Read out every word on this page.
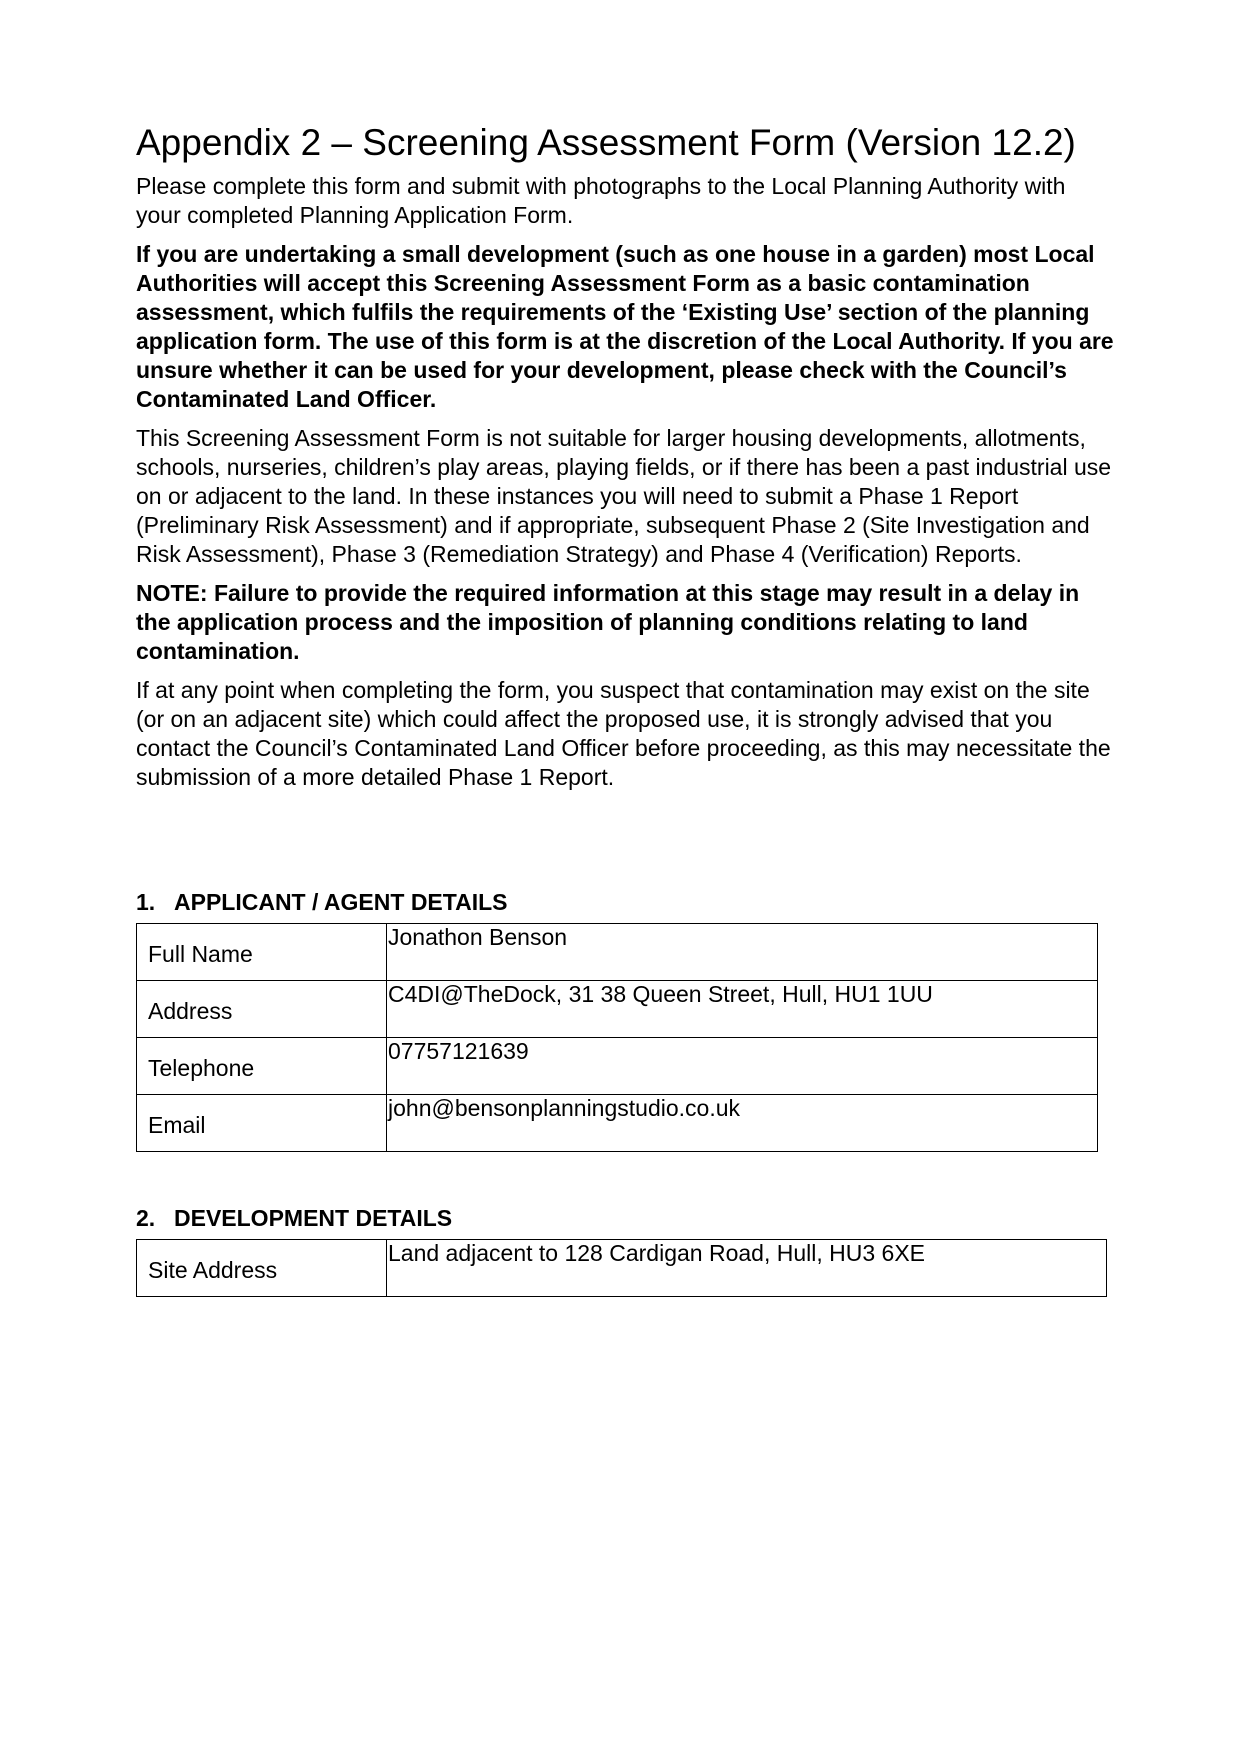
Appendix 2 – Screening Assessment Form (Version 12.2)

Please complete this form and submit with photographs to the Local Planning Authority with your completed Planning Application Form.

If you are undertaking a small development (such as one house in a garden) most Local Authorities will accept this Screening Assessment Form as a basic contamination assessment, which fulfils the requirements of the ‘Existing Use’ section of the planning application form. The use of this form is at the discretion of the Local Authority. If you are unsure whether it can be used for your development, please check with the Council’s Contaminated Land Officer.

This Screening Assessment Form is not suitable for larger housing developments, allotments, schools, nurseries, children’s play areas, playing fields, or if there has been a past industrial use on or adjacent to the land. In these instances you will need to submit a Phase 1 Report (Preliminary Risk Assessment) and if appropriate, subsequent Phase 2 (Site Investigation and Risk Assessment), Phase 3 (Remediation Strategy) and Phase 4 (Verification) Reports.

NOTE: Failure to provide the required information at this stage may result in a delay in the application process and the imposition of planning conditions relating to land contamination.

If at any point when completing the form, you suspect that contamination may exist on the site (or on an adjacent site) which could affect the proposed use, it is strongly advised that you contact the Council’s Contaminated Land Officer before proceeding, as this may necessitate the submission of a more detailed Phase 1 Report.

1. APPLICANT / AGENT DETAILS
Full Name	Jonathon Benson
Address	C4DI@TheDock, 31 38 Queen Street, Hull, HU1 1UU
Telephone	07757121639
Email	john@bensonplanningstudio.co.uk
2. DEVELOPMENT DETAILS
Site Address	Land adjacent to 128 Cardigan Road, Hull, HU3 6XE
